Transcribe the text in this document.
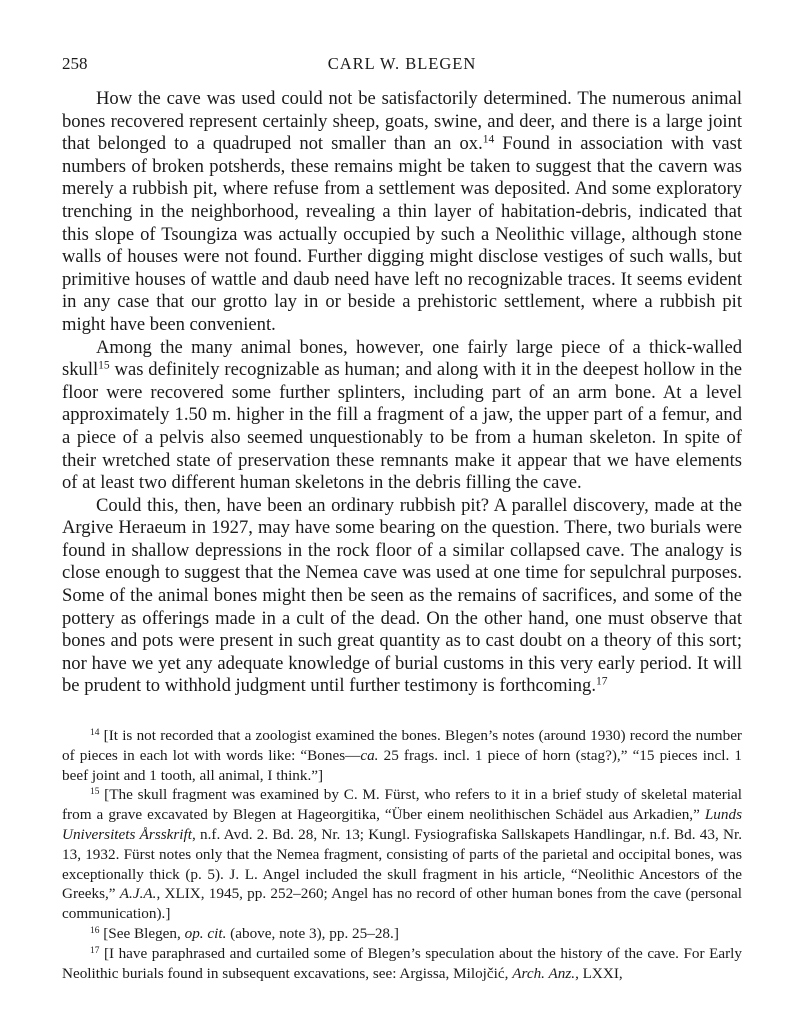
258	CARL W. BLEGEN

How the cave was used could not be satisfactorily determined. The numerous animal bones recovered represent certainly sheep, goats, swine, and deer, and there is a large joint that belonged to a quadruped not smaller than an ox.$^{14}$ Found in association with vast numbers of broken potsherds, these remains might be taken to suggest that the cavern was merely a rubbish pit, where refuse from a settlement was deposited. And some exploratory trenching in the neighborhood, revealing a thin layer of habitation-debris, indicated that this slope of Tsoungiza was actually occupied by such a Neolithic village, although stone walls of houses were not found. Further digging might disclose vestiges of such walls, but primitive houses of wattle and daub need have left no recognizable traces. It seems evident in any case that our grotto lay in or beside a prehistoric settlement, where a rubbish pit might have been convenient.

Among the many animal bones, however, one fairly large piece of a thick-walled skull$^{15}$ was definitely recognizable as human; and along with it in the deepest hollow in the floor were recovered some further splinters, including part of an arm bone. At a level approximately 1.50 m. higher in the fill a fragment of a jaw, the upper part of a femur, and a piece of a pelvis also seemed unquestionably to be from a human skeleton. In spite of their wretched state of preservation these remnants make it appear that we have elements of at least two different human skeletons in the debris filling the cave.

Could this, then, have been an ordinary rubbish pit? A parallel discovery, made at the Argive Heraeum in 1927, may have some bearing on the question. There, two burials were found in shallow depressions in the rock floor of a similar collapsed cave. The analogy is close enough to suggest that the Nemea cave was used at one time for sepulchral purposes. Some of the animal bones might then be seen as the remains of sacrifices, and some of the pottery as offerings made in a cult of the dead. On the other hand, one must observe that bones and pots were present in such great quantity as to cast doubt on a theory of this sort; nor have we yet any adequate knowledge of burial customs in this very early period. It will be prudent to withhold judgment until further testimony is forthcoming.$^{17}$

$^{14}$ [It is not recorded that a zoologist examined the bones. Blegen’s notes (around 1930) record the number of pieces in each lot with words like: “Bones—ca. 25 frags. incl. 1 piece of horn (stag?),” “15 pieces incl. 1 beef joint and 1 tooth, all animal, I think.”]

$^{15}$ [The skull fragment was examined by C. M. Fürst, who refers to it in a brief study of skeletal material from a grave excavated by Blegen at Hageorgitika, “Über einem neolithischen Schädel aus Arkadien,” Lunds Universitets Årsskrift, n.f. Avd. 2. Bd. 28, Nr. 13; Kungl. Fysiografiska Sallskapets Handlingar, n.f. Bd. 43, Nr. 13, 1932. Fürst notes only that the Nemea fragment, consisting of parts of the parietal and occipital bones, was exceptionally thick (p. 5). J. L. Angel included the skull fragment in his article, “Neolithic Ancestors of the Greeks,” A.J.A., XLIX, 1945, pp. 252–260; Angel has no record of other human bones from the cave (personal communication).]

$^{16}$ [See Blegen, op. cit. (above, note 3), pp. 25–28.]

$^{17}$ [I have paraphrased and curtailed some of Blegen’s speculation about the history of the cave. For Early Neolithic burials found in subsequent excavations, see: Argissa, Milojčić, Arch. Anz., LXXI,
